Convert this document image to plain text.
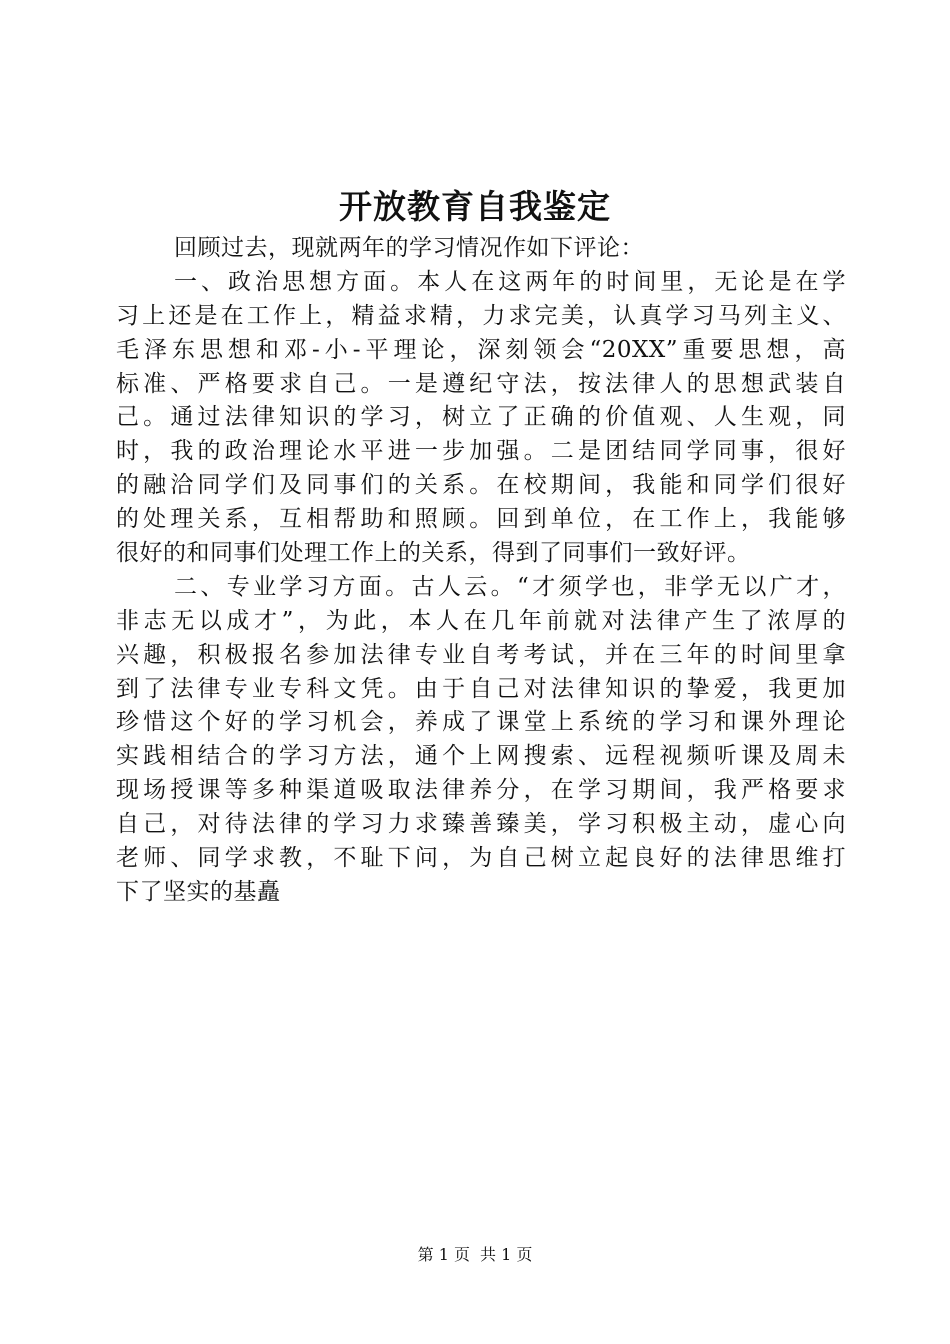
开放教育自我鉴定
回顾过去，现就两年的学习情况作如下评论：
一、政治思想方面。本人在这两年的时间里，无论是在学
习上还是在工作上，精益求精，力求完美，认真学习马列主义、
毛泽东思想和邓-小-平理论，深刻领会“20XX”重要思想，高
标准、严格要求自己。一是遵纪守法，按法律人的思想武装自
己。通过法律知识的学习，树立了正确的价值观、人生观，同
时，我的政治理论水平进一步加强。二是团结同学同事，很好
的融洽同学们及同事们的关系。在校期间，我能和同学们很好
的处理关系，互相帮助和照顾。回到单位，在工作上，我能够
很好的和同事们处理工作上的关系，得到了同事们一致好评。
二、专业学习方面。古人云。“才须学也，非学无以广才，
非志无以成才”，为此，本人在几年前就对法律产生了浓厚的
兴趣，积极报名参加法律专业自考考试，并在三年的时间里拿
到了法律专业专科文凭。由于自己对法律知识的挚爱，我更加
珍惜这个好的学习机会，养成了课堂上系统的学习和课外理论
实践相结合的学习方法，通个上网搜索、远程视频听课及周未
现场授课等多种渠道吸取法律养分，在学习期间，我严格要求
自己，对待法律的学习力求臻善臻美，学习积极主动，虚心向
老师、同学求教，不耻下问，为自己树立起良好的法律思维打
下了坚实的基矗
第 1 页 共 1 页
